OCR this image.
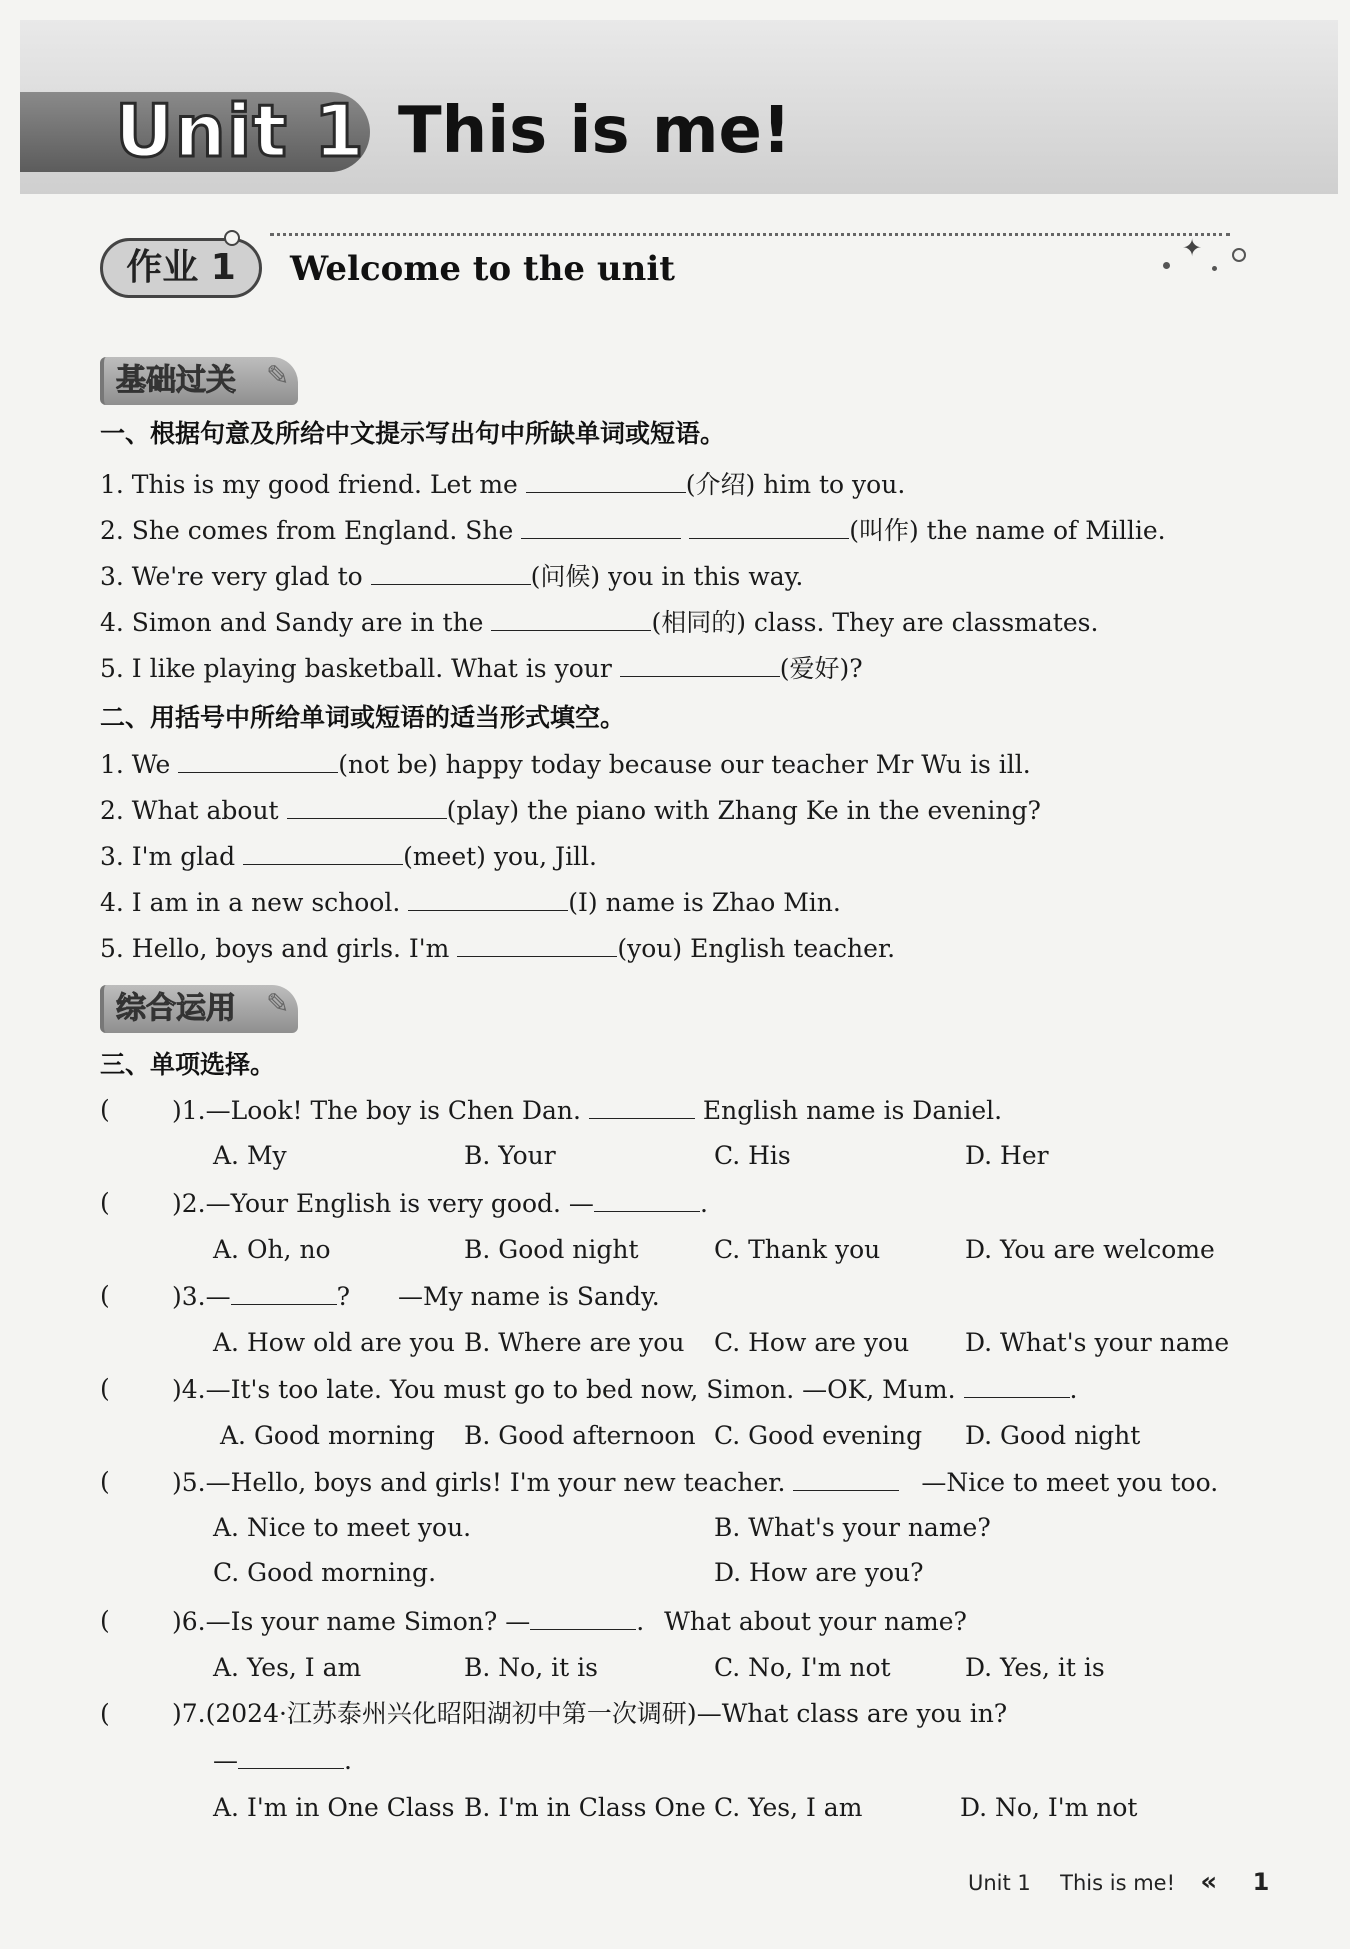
Unit 1 This is me!
作业 1	Welcome to the unit
✦
基础过关	✎
一、根据句意及所给中文提示写出句中所缺单词或短语。
1. This is my good friend. Let me	(介绍) him to you.
2. She comes from England. She	(叫作) the name of Millie.
3. We're very glad to	(问候) you in this way.
4. Simon and Sandy are in the	(相同的) class. They are classmates.
5. I like playing basketball. What is your	(爱好)?
二、用括号中所给单词或短语的适当形式填空。
1. We	(not be) happy today because our teacher Mr Wu is ill.
2. What about	(play) the piano with Zhang Ke in the evening?
3. I'm glad	(meet) you, Jill.
4. I am in a new school.	(I) name is Zhao Min.
5. Hello, boys and girls. I'm	(you) English teacher.
综合运用	✎
三、单项选择。
( )1.—Look! The boy is Chen Dan.	English name is Daniel.
A. My	B. Your	C. His	D. Her
( )2.—Your English is very good. —	.
A. Oh, no	B. Good night	C. Thank you	D. You are welcome
( )3.—	? —My name is Sandy.
A. How old are you B. Where are you C. How are you D. What's your name
( )4.—It's too late. You must go to bed now, Simon. —OK, Mum.	.
A. Good morning B. Good afternoon C. Good evening D. Good night
( )5.—Hello, boys and girls! I'm your new teacher.	—Nice to meet you too.
A. Nice to meet you.	B. What's your name?
C. Good morning.	D. How are you?
( )6.—Is your name Simon? —	. What about your name?
A. Yes, I am	B. No, it is	C. No, I'm not	D. Yes, it is
( )7.(2024·江苏泰州兴化昭阳湖初中第一次调研)—What class are you in?
—	.
A. I'm in One Class B. I'm in Class One C. Yes, I am	D. No, I'm not
Unit 1 This is me! « 1
